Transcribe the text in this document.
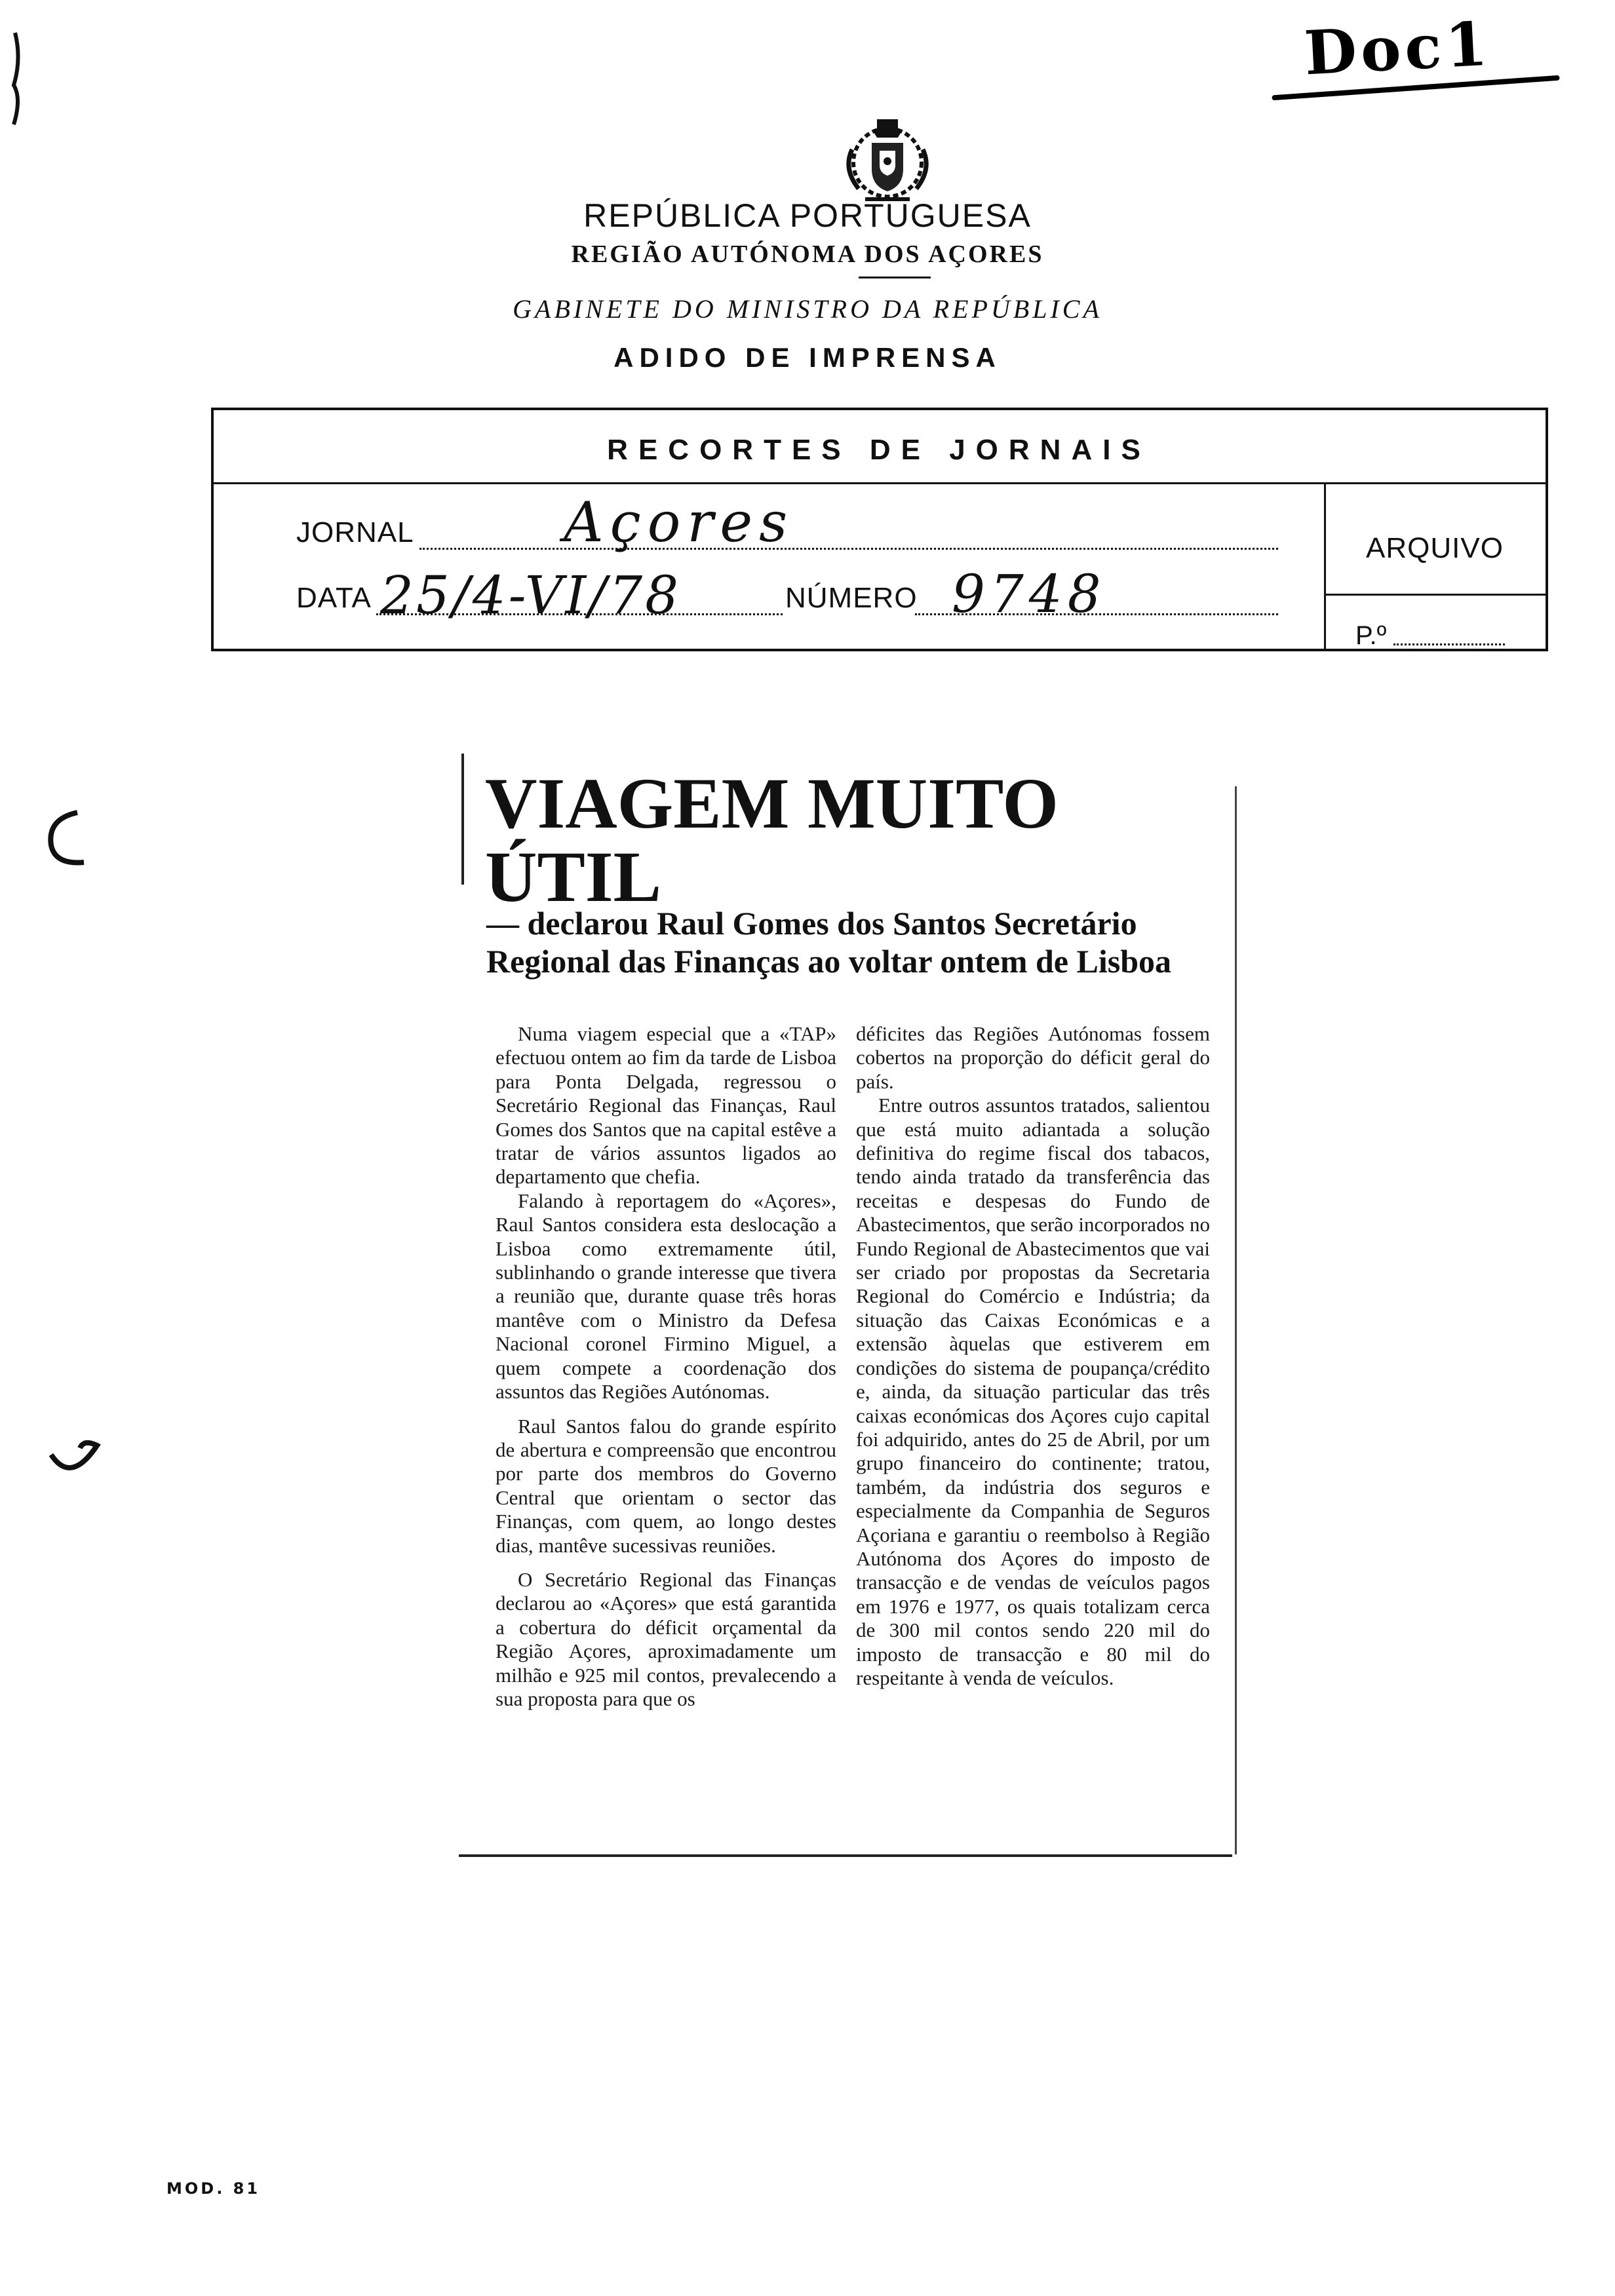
Doc1
REPÚBLICA PORTUGUESA
REGIÃO AUTÓNOMA DOS AÇORES
GABINETE DO MINISTRO DA REPÚBLICA
ADIDO DE IMPRENSA
RECORTES DE JORNAIS
JORNAL	Açores
DATA 25/4-VI/78	NÚMERO 9748
ARQUIVO
P.º
VIAGEM MUITO ÚTIL
— declarou Raul Gomes dos Santos Secretário Regional das Finanças ao voltar ontem de Lisboa

Numa viagem especial que a «TAP» efectuou ontem ao fim da tarde de Lisboa para Ponta Delgada, regressou o Secretário Regional das Finanças, Raul Gomes dos Santos que na capital estêve a tratar de vários assuntos ligados ao departamento que chefia.

Falando à reportagem do «Açores», Raul Santos considera esta deslocação a Lisboa como extremamente útil, sublinhando o grande interesse que tivera a reunião que, durante quase três horas mantêve com o Ministro da Defesa Nacional coronel Firmino Miguel, a quem compete a coordenação dos assuntos das Regiões Autónomas.

Raul Santos falou do grande espírito de abertura e compreensão que encontrou por parte dos membros do Governo Central que orientam o sector das Finanças, com quem, ao longo destes dias, mantêve sucessivas reuniões.

O Secretário Regional das Finanças declarou ao «Açores» que está garantida a cobertura do déficit orçamental da Região Açores, aproximadamente um milhão e 925 mil contos, prevalecendo a sua proposta para que os

déficites das Regiões Autónomas fossem cobertos na proporção do déficit geral do país.

Entre outros assuntos tratados, salientou que está muito adiantada a solução definitiva do regime fiscal dos tabacos, tendo ainda tratado da transferência das receitas e despesas do Fundo de Abastecimentos, que serão incorporados no Fundo Regional de Abastecimentos que vai ser criado por propostas da Secretaria Regional do Comércio e Indústria; da situação das Caixas Económicas e a extensão àquelas que estiverem em condições do sistema de poupança/crédito e, ainda, da situação particular das três caixas económicas dos Açores cujo capital foi adquirido, antes do 25 de Abril, por um grupo financeiro do continente; tratou, também, da indústria dos seguros e especialmente da Companhia de Seguros Açoriana e garantiu o reembolso à Região Autónoma dos Açores do imposto de transacção e de vendas de veículos pagos em 1976 e 1977, os quais totalizam cerca de 300 mil contos sendo 220 mil do imposto de transacção e 80 mil do respeitante à venda de veículos.

MOD. 81
